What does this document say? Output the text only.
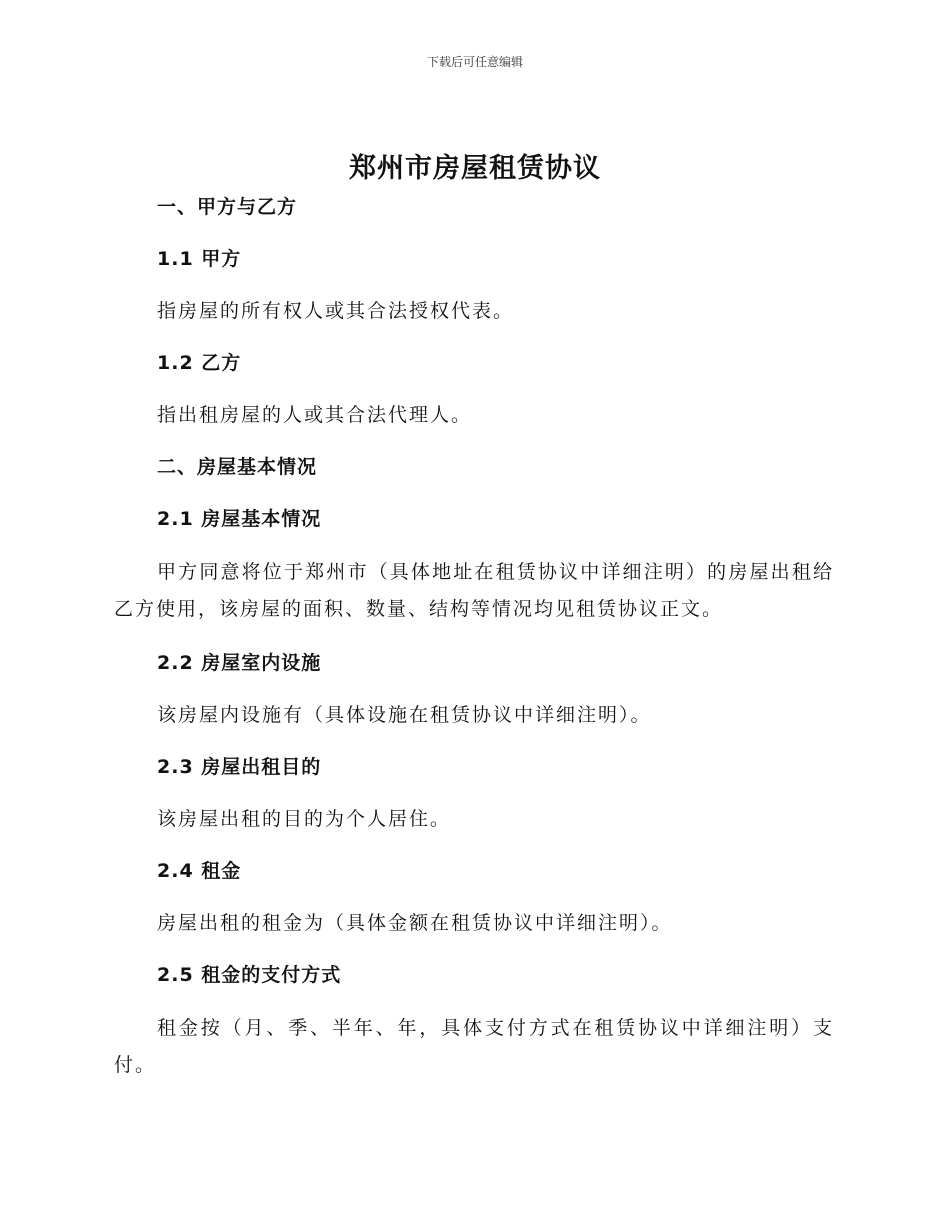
下载后可任意编辑
郑州市房屋租赁协议
一、甲方与乙方
1.1 甲方
指房屋的所有权人或其合法授权代表。
1.2 乙方
指出租房屋的人或其合法代理人。
二、房屋基本情况
2.1 房屋基本情况
甲方同意将位于郑州市（具体地址在租赁协议中详细注明）的房屋出租给乙方使用，该房屋的面积、数量、结构等情况均见租赁协议正文。
2.2 房屋室内设施
该房屋内设施有（具体设施在租赁协议中详细注明）。
2.3 房屋出租目的
该房屋出租的目的为个人居住。
2.4 租金
房屋出租的租金为（具体金额在租赁协议中详细注明）。
2.5 租金的支付方式
租金按（月、季、半年、年，具体支付方式在租赁协议中详细注明）支付。
